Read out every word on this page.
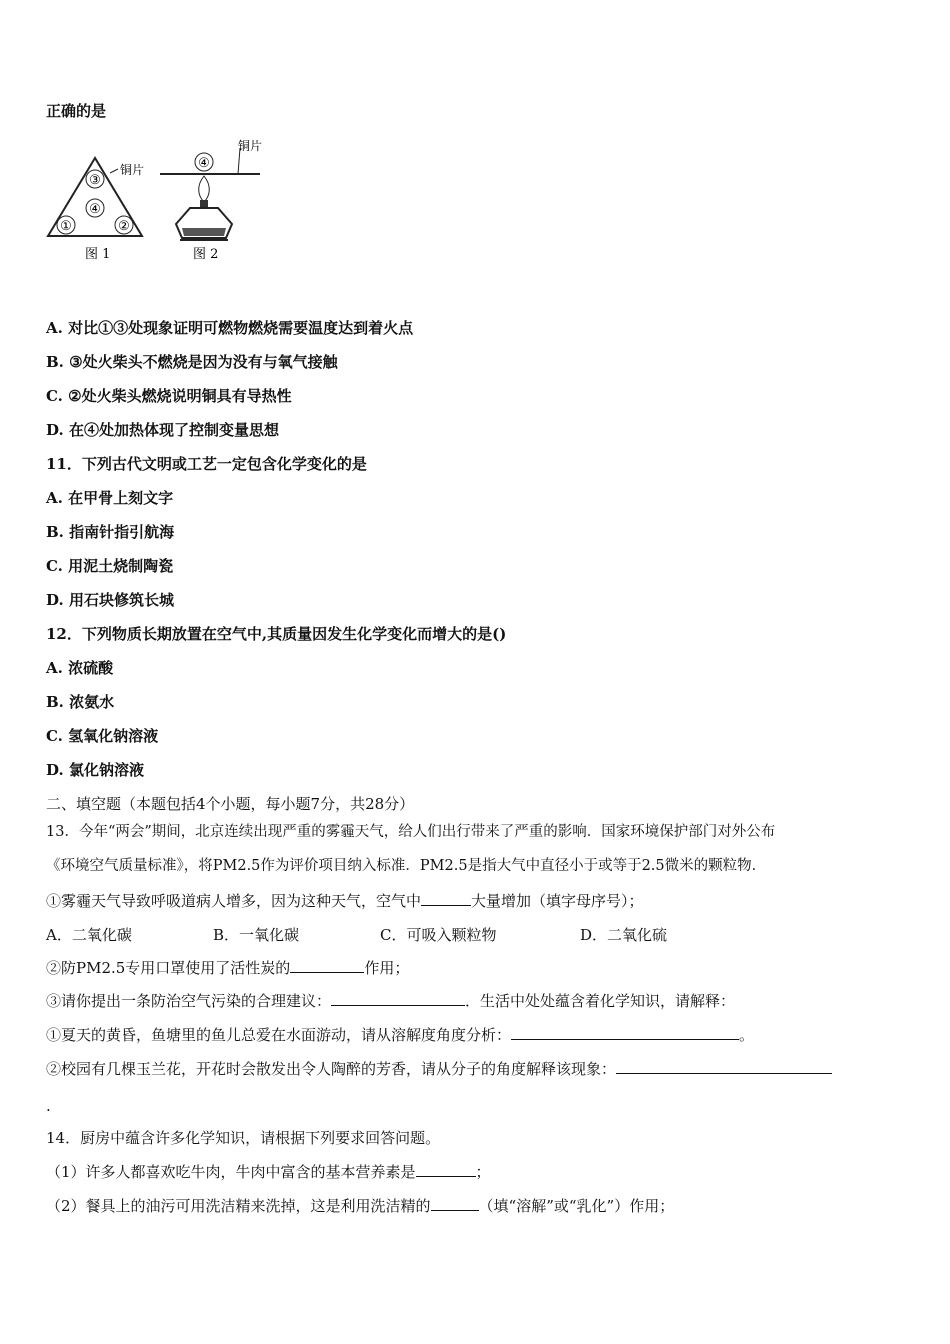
正确的是
③
④
①	②
铜片
图 1
铜片
④
图 2
A. 对比①③处现象证明可燃物燃烧需要温度达到着火点
B. ③处火柴头不燃烧是因为没有与氧气接触
C. ②处火柴头燃烧说明铜具有导热性
D. 在④处加热体现了控制变量思想
11．下列古代文明或工艺一定包含化学变化的是
A. 在甲骨上刻文字
B. 指南针指引航海
C. 用泥土烧制陶瓷
D. 用石块修筑长城
12．下列物质长期放置在空气中,其质量因发生化学变化而增大的是()
A. 浓硫酸
B. 浓氨水
C. 氢氧化钠溶液
D. 氯化钠溶液
二、填空题（本题包括4个小题，每小题7分，共28分）
13．今年“两会”期间，北京连续出现严重的雾霾天气，给人们出行带来了严重的影响．国家环境保护部门对外公布
《环境空气质量标准》，将PM2.5作为评价项目纳入标准．PM2.5是指大气中直径小于或等于2.5微米的颗粒物．
①雾霾天气导致呼吸道病人增多，因为这种天气，空气中	大量增加（填字母序号）；
A．二氧化碳	B．一氧化碳	C．可吸入颗粒物	D．二氧化硫
②防PM2.5专用口罩使用了活性炭的	作用；
③请你提出一条防治空气污染的合理建议：	．生活中处处蕴含着化学知识，请解释：
①夏天的黄昏，鱼塘里的鱼儿总爱在水面游动，请从溶解度角度分析：	。
②校园有几棵玉兰花，开花时会散发出令人陶醉的芳香，请从分子的角度解释该现象：
.
14．厨房中蕴含许多化学知识，请根据下列要求回答问题。
（1）许多人都喜欢吃牛肉，牛肉中富含的基本营养素是	；
（2）餐具上的油污可用洗洁精来洗掉，这是利用洗洁精的	（填“溶解”或“乳化”）作用；
